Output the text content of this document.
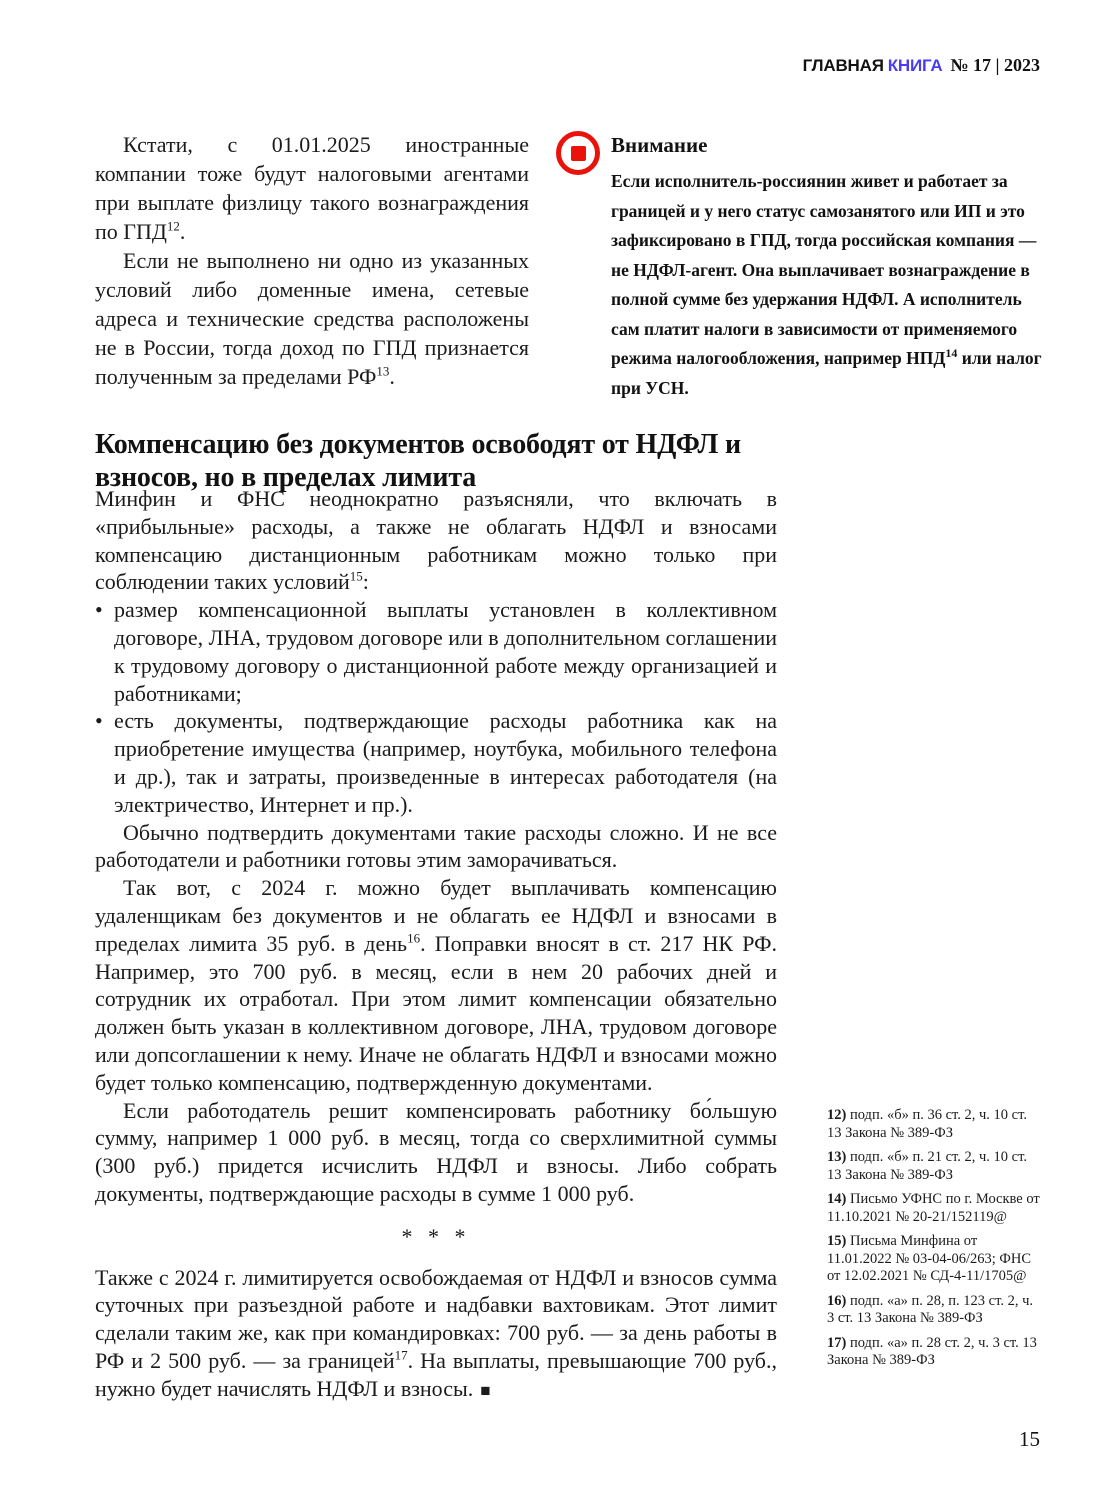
ГЛАВНАЯ КНИГА № 17 | 2023

Кстати, с 01.01.2025 иностранные компании тоже будут налоговыми агентами при выплате физлицу такого вознаграждения по ГПД$^{12}$.

Если не выполнено ни одно из указанных условий либо доменные имена, сетевые адреса и технические средства расположены не в России, тогда доход по ГПД признается полученным за пределами РФ$^{13}$.

Внимание
Если исполнитель-россиянин живет и работает за границей и у него статус самозанятого или ИП и это зафиксировано в ГПД, тогда российская компания — не НДФЛ-агент. Она выплачивает вознаграждение в полной сумме без удержания НДФЛ. А исполнитель сам платит налоги в зависимости от применяемого режима налогообложения, например НПД$^{14}$ или налог при УСН.
Компенсацию без документов освободят от НДФЛ и взносов, но в пределах лимита

Минфин и ФНС неоднократно разъясняли, что включать в «прибыльные» расходы, а также не облагать НДФЛ и взносами компенсацию дистанционным работникам можно только при соблюдении таких условий$^{15}$:

• размер компенсационной выплаты установлен в коллективном договоре, ЛНА, трудовом договоре или в дополнительном соглашении к трудовому договору о дистанционной работе между организацией и работниками;
• есть документы, подтверждающие расходы работника как на приобретение имущества (например, ноутбука, мобильного телефона и др.), так и затраты, произведенные в интересах работодателя (на электричество, Интернет и пр.).

Обычно подтвердить документами такие расходы сложно. И не все работодатели и работники готовы этим заморачиваться.

Так вот, с 2024 г. можно будет выплачивать компенсацию удаленщикам без документов и не облагать ее НДФЛ и взносами в пределах лимита 35 руб. в день$^{16}$. Поправки вносят в ст. 217 НК РФ. Например, это 700 руб. в месяц, если в нем 20 рабочих дней и сотрудник их отработал. При этом лимит компенсации обязательно должен быть указан в коллективном договоре, ЛНА, трудовом договоре или допсоглашении к нему. Иначе не облагать НДФЛ и взносами можно будет только компенсацию, подтвержденную документами.

Если работодатель решит компенсировать работнику бо́льшую сумму, например 1 000 руб. в месяц, тогда со сверхлимитной суммы (300 руб.) придется исчислить НДФЛ и взносы. Либо собрать документы, подтверждающие расходы в сумме 1 000 руб.

* * *

Также с 2024 г. лимитируется освобождаемая от НДФЛ и взносов сумма суточных при разъездной работе и надбавки вахтовикам. Этот лимит сделали таким же, как при командировках: 700 руб. — за день работы в РФ и 2 500 руб. — за границей$^{17}$. На выплаты, превышающие 700 руб., нужно будет начислять НДФЛ и взносы. ■

12) подп. «б» п. 36 ст. 2, ч. 10 ст. 13 Закона № 389-ФЗ

13) подп. «б» п. 21 ст. 2, ч. 10 ст. 13 Закона № 389-ФЗ

14) Письмо УФНС по г. Москве от 11.10.2021 № 20-21/152119@

15) Письма Минфина от 11.01.2022 № 03-04-06/263; ФНС от 12.02.2021 № СД-4-11/1705@

16) подп. «а» п. 28, п. 123 ст. 2, ч. 3 ст. 13 Закона № 389-ФЗ

17) подп. «а» п. 28 ст. 2, ч. 3 ст. 13 Закона № 389-ФЗ

15
